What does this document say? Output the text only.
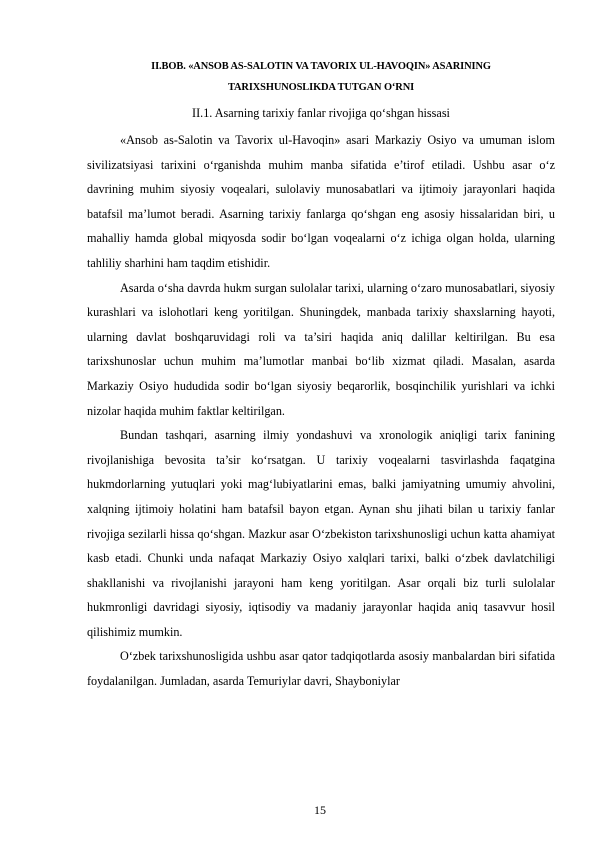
II.BOB. «ANSOB AS-SALOTIN VA TAVORIX UL-HAVOQIN» ASARINING
TARIXSHUNOSLIKDA TUTGAN O‘RNI
II.1. Asarning tarixiy fanlar rivojiga qo‘shgan hissasi

«Ansob as-Salotin va Tavorix ul-Havoqin» asari Markaziy Osiyo va umuman islom sivilizatsiyasi tarixini o‘rganishda muhim manba sifatida e’tirof etiladi. Ushbu asar o‘z davrining muhim siyosiy voqealari, sulolaviy munosabatlari va ijtimoiy jarayonlari haqida batafsil ma’lumot beradi. Asarning tarixiy fanlarga qo‘shgan eng asosiy hissalaridan biri, u mahalliy hamda global miqyosda sodir bo‘lgan voqealarni o‘z ichiga olgan holda, ularning tahliliy sharhini ham taqdim etishidir.

Asarda o‘sha davrda hukm surgan sulolalar tarixi, ularning o‘zaro munosabatlari, siyosiy kurashlari va islohotlari keng yoritilgan. Shuningdek, manbada tarixiy shaxslarning hayoti, ularning davlat boshqaruvidagi roli va ta’siri haqida aniq dalillar keltirilgan. Bu esa tarixshunoslar uchun muhim ma’lumotlar manbai bo‘lib xizmat qiladi. Masalan, asarda Markaziy Osiyo hududida sodir bo‘lgan siyosiy beqarorlik, bosqinchilik yurishlari va ichki nizolar haqida muhim faktlar keltirilgan.

Bundan tashqari, asarning ilmiy yondashuvi va xronologik aniqligi tarix fanining rivojlanishiga bevosita ta’sir ko‘rsatgan. U tarixiy voqealarni tasvirlashda faqatgina hukmdorlarning yutuqlari yoki mag‘lubiyatlarini emas, balki jamiyatning umumiy ahvolini, xalqning ijtimoiy holatini ham batafsil bayon etgan. Aynan shu jihati bilan u tarixiy fanlar rivojiga sezilarli hissa qo‘shgan. Mazkur asar O‘zbekiston tarixshunosligi uchun katta ahamiyat kasb etadi. Chunki unda nafaqat Markaziy Osiyo xalqlari tarixi, balki o‘zbek davlatchiligi shakllanishi va rivojlanishi jarayoni ham keng yoritilgan. Asar orqali biz turli sulolalar hukmronligi davridagi siyosiy, iqtisodiy va madaniy jarayonlar haqida aniq tasavvur hosil qilishimiz mumkin.

O‘zbek tarixshunosligida ushbu asar qator tadqiqotlarda asosiy manbalardan biri sifatida foydalanilgan. Jumladan, asarda Temuriylar davri, Shayboniylar

15
